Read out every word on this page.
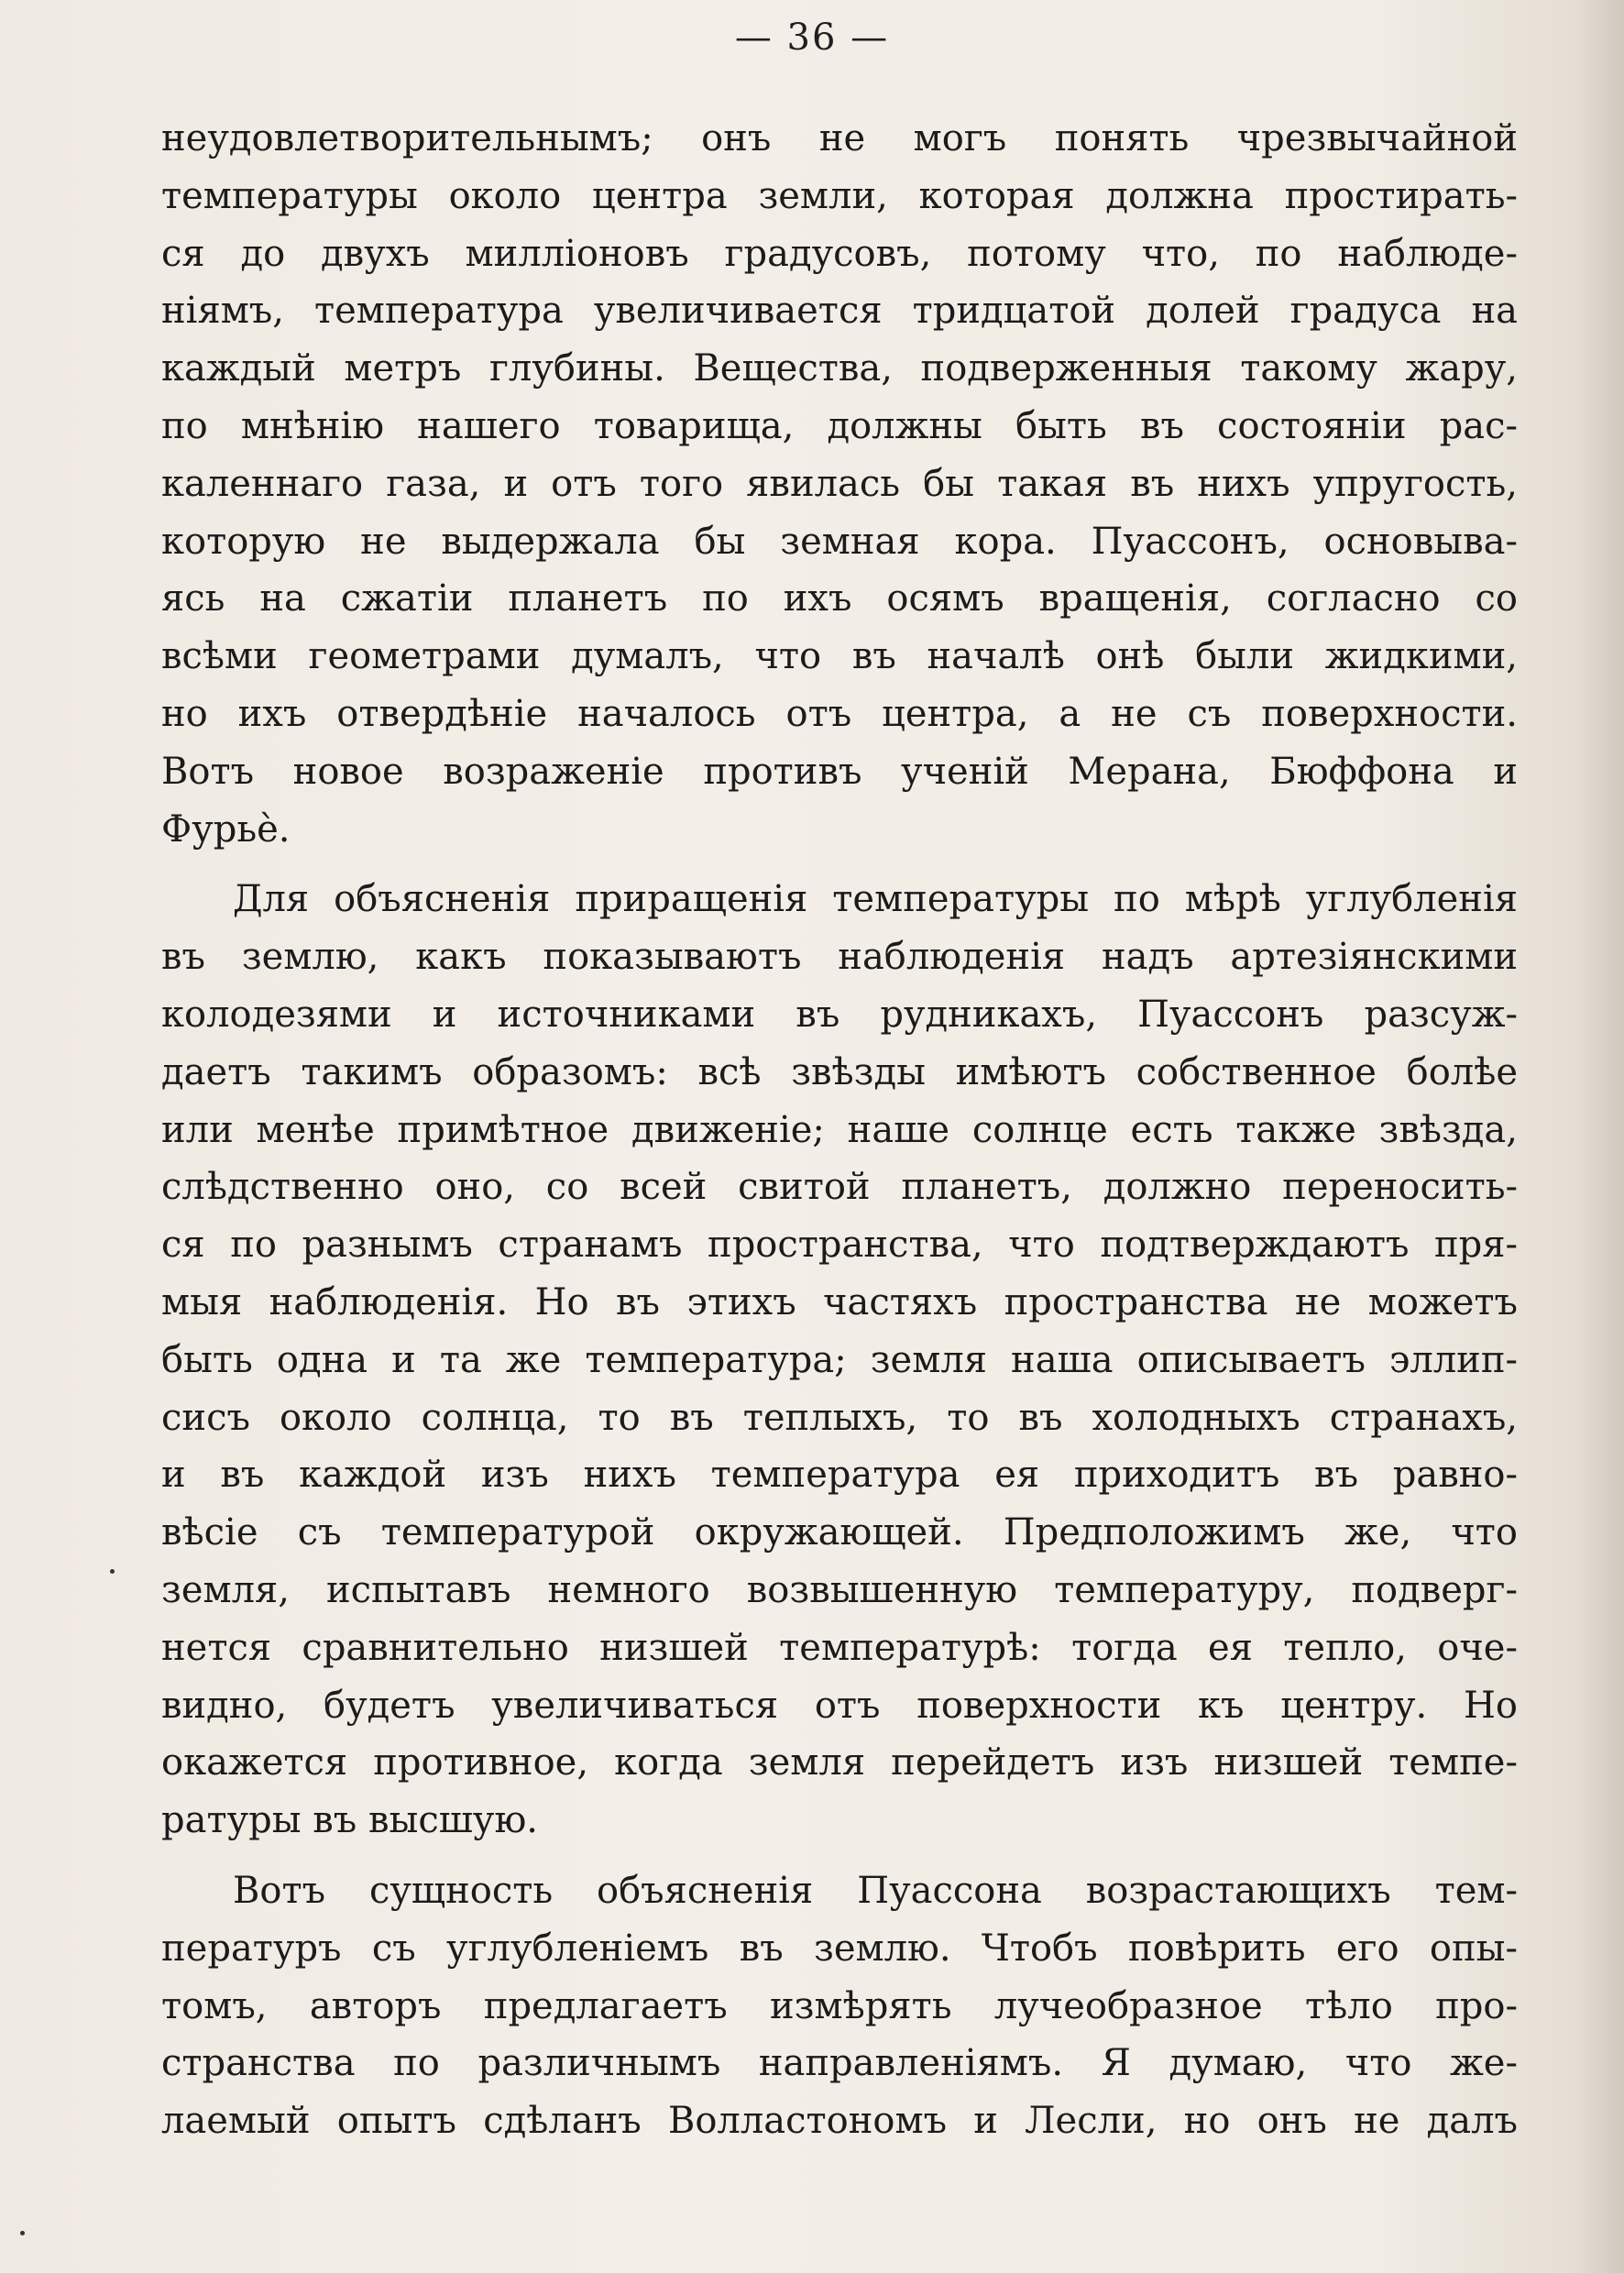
— 36 —
неудовлетворительнымъ; онъ не могъ понять чрезвычайной
температуры около центра земли, которая должна простирать-
ся до двухъ миллiоновъ градусовъ, потому что, по наблюде-
нiямъ, температура увеличивается тридцатой долей градуса на
каждый метръ глубины. Вещества, подверженныя такому жару,
по мнѣнiю нашего товарища, должны быть въ состоянiи рас-
каленнаго газа, и отъ того явилась бы такая въ нихъ упругость,
которую не выдержала бы земная кора. Пуассонъ, основыва-
ясь на сжатiи планетъ по ихъ осямъ вращенiя, согласно со
всѣми геометрами думалъ, что въ началѣ онѣ были жидкими,
но ихъ отвердѣнiе началось отъ центра, а не съ поверхности.
Вотъ новое возраженiе противъ ученiй Мерана, Бюффона и
Фурьè.
Для объясненiя приращенiя температуры по мѣрѣ углубленiя
въ землю, какъ показываютъ наблюденiя надъ артезiянскими
колодезями и источниками въ рудникахъ, Пуассонъ разсуж-
даетъ такимъ образомъ: всѣ звѣзды имѣютъ собственное болѣе
или менѣе примѣтное движенiе; наше солнце есть также звѣзда,
слѣдственно оно, со всей свитой планетъ, должно переносить-
ся по разнымъ странамъ пространства, что подтверждаютъ пря-
мыя наблюденiя. Но въ этихъ частяхъ пространства не можетъ
быть одна и та же температура; земля наша описываетъ эллип-
сисъ около солнца, то въ теплыхъ, то въ холодныхъ странахъ,
и въ каждой изъ нихъ температура ея приходитъ въ равно-
вѣсiе съ температурой окружающей. Предположимъ же, что
земля, испытавъ немного возвышенную температуру, подверг-
нется сравнительно низшей температурѣ: тогда ея тепло, оче-
видно, будетъ увеличиваться отъ поверхности къ центру. Но
окажется противное, когда земля перейдетъ изъ низшей темпе-
ратуры въ высшую.
Вотъ сущность объясненiя Пуассона возрастающихъ тем-
пературъ съ углубленiемъ въ землю. Чтобъ повѣрить его опы-
томъ, авторъ предлагаетъ измѣрять лучеобразное тѣло про-
странства по различнымъ направленiямъ. Я думаю, что же-
лаемый опытъ сдѣланъ Волластономъ и Лесли, но онъ не далъ
